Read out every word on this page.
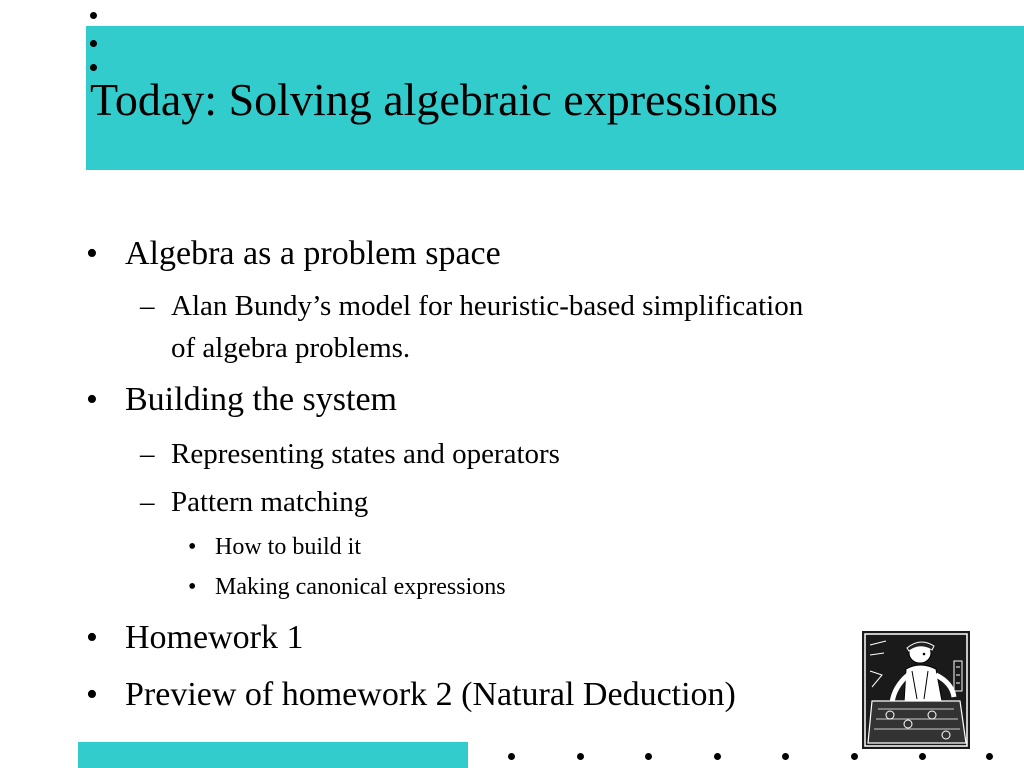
Today: Solving algebraic expressions
• Algebra as a problem space
– Alan Bundy’s model for heuristic-based simplification
of algebra problems.
• Building the system
– Representing states and operators
– Pattern matching
• How to build it
• Making canonical expressions
• Homework 1
• Preview of homework 2 (Natural Deduction)
